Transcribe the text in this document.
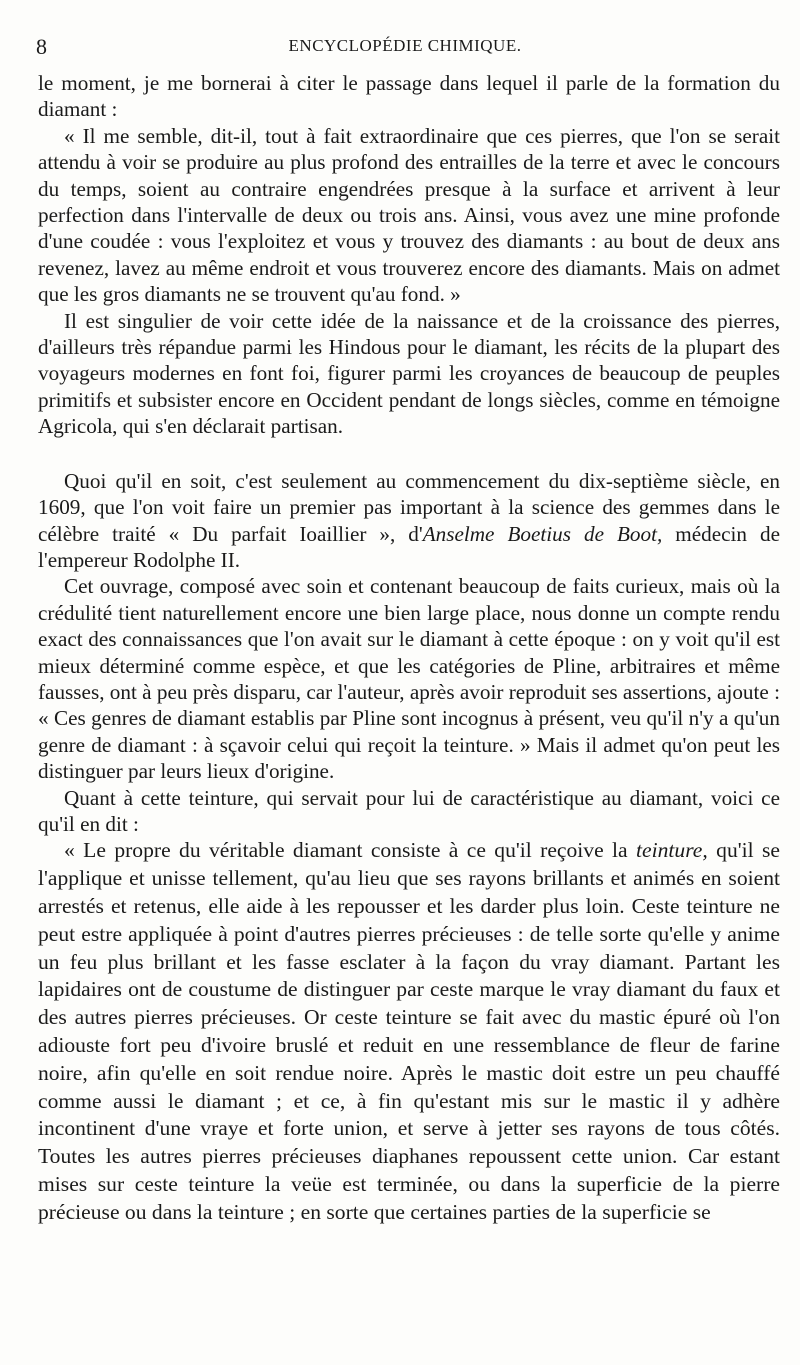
8	ENCYCLOPÉDIE CHIMIQUE.

le moment, je me bornerai à citer le passage dans lequel il parle de la formation du diamant :

« Il me semble, dit-il, tout à fait extraordinaire que ces pierres, que l'on se serait attendu à voir se produire au plus profond des entrailles de la terre et avec le concours du temps, soient au contraire engendrées presque à la surface et arrivent à leur perfection dans l'intervalle de deux ou trois ans. Ainsi, vous avez une mine profonde d'une coudée : vous l'exploitez et vous y trouvez des diamants : au bout de deux ans revenez, lavez au même endroit et vous trouverez encore des diamants. Mais on admet que les gros diamants ne se trouvent qu'au fond. »

Il est singulier de voir cette idée de la naissance et de la croissance des pierres, d'ailleurs très répandue parmi les Hindous pour le diamant, les récits de la plupart des voyageurs modernes en font foi, figurer parmi les croyances de beaucoup de peuples primitifs et subsister encore en Occident pendant de longs siècles, comme en témoigne Agricola, qui s'en déclarait partisan.

Quoi qu'il en soit, c'est seulement au commencement du dix-septième siècle, en 1609, que l'on voit faire un premier pas important à la science des gemmes dans le célèbre traité « Du parfait Ioaillier », d'Anselme Boetius de Boot, médecin de l'empereur Rodolphe II.

Cet ouvrage, composé avec soin et contenant beaucoup de faits curieux, mais où la crédulité tient naturellement encore une bien large place, nous donne un compte rendu exact des connaissances que l'on avait sur le diamant à cette époque : on y voit qu'il est mieux déterminé comme espèce, et que les catégories de Pline, arbitraires et même fausses, ont à peu près disparu, car l'auteur, après avoir reproduit ses assertions, ajoute : « Ces genres de diamant establis par Pline sont incognus à présent, veu qu'il n'y a qu'un genre de diamant : à sçavoir celui qui reçoit la teinture. » Mais il admet qu'on peut les distinguer par leurs lieux d'origine.

Quant à cette teinture, qui servait pour lui de caractéristique au diamant, voici ce qu'il en dit :

« Le propre du véritable diamant consiste à ce qu'il reçoive la teinture, qu'il se l'applique et unisse tellement, qu'au lieu que ses rayons brillants et animés en soient arrestés et retenus, elle aide à les repousser et les darder plus loin. Ceste teinture ne peut estre appliquée à point d'autres pierres précieuses : de telle sorte qu'elle y anime un feu plus brillant et les fasse esclater à la façon du vray diamant. Partant les lapidaires ont de coustume de distinguer par ceste marque le vray diamant du faux et des autres pierres précieuses. Or ceste teinture se fait avec du mastic épuré où l'on adiouste fort peu d'ivoire bruslé et reduit en une ressemblance de fleur de farine noire, afin qu'elle en soit rendue noire. Après le mastic doit estre un peu chauffé comme aussi le diamant ; et ce, à fin qu'estant mis sur le mastic il y adhère incontinent d'une vraye et forte union, et serve à jetter ses rayons de tous côtés. Toutes les autres pierres précieuses diaphanes repoussent cette union. Car estant mises sur ceste teinture la veüe est terminée, ou dans la superficie de la pierre précieuse ou dans la teinture ; en sorte que certaines parties de la superficie se
